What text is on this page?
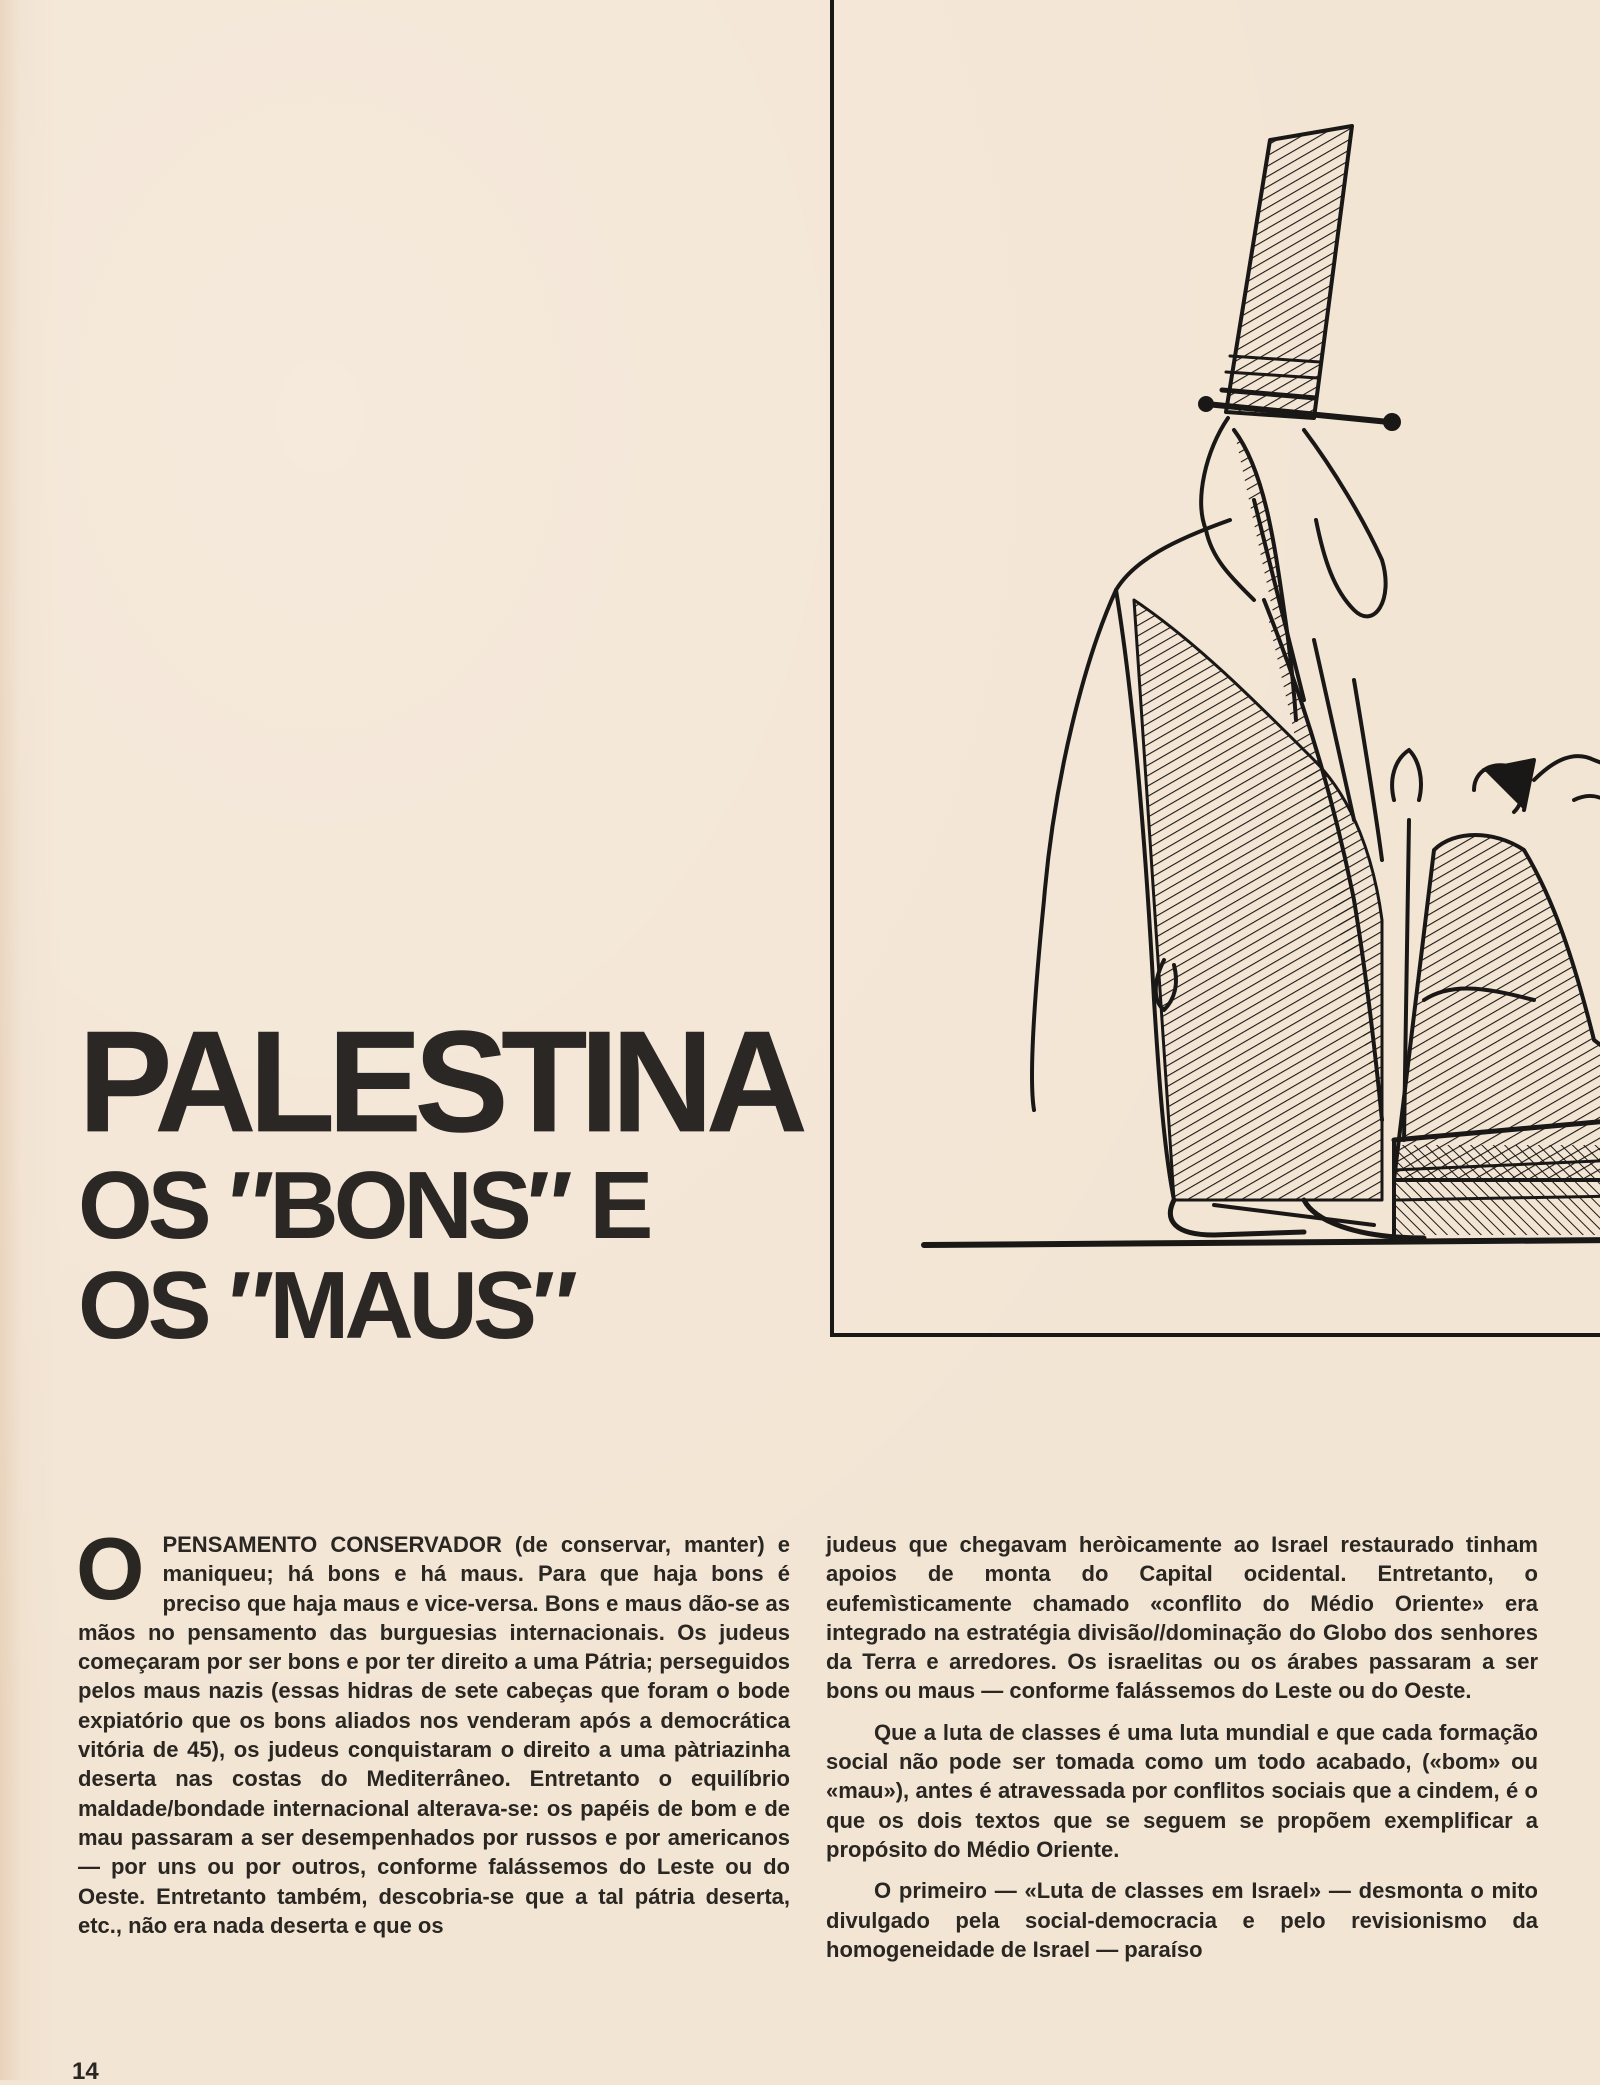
PALESTINA
OS ″BONS″ E
OS ″MAUS″

OPENSAMENTO CONSERVADOR (de conservar, manter) e maniqueu; há bons e há maus. Para que haja bons é preciso que haja maus e vice-versa. Bons e maus dão-se as mãos no pensamento das burguesias internacionais. Os judeus começaram por ser bons e por ter direito a uma Pátria; perseguidos pelos maus nazis (essas hidras de sete cabeças que foram o bode expiatório que os bons aliados nos venderam após a democrática vitória de 45), os judeus conquistaram o direito a uma pàtriazinha deserta nas costas do Mediterrâneo. Entretanto o equilíbrio maldade/bondade internacional alterava-se: os papéis de bom e de mau passaram a ser desempenhados por russos e por americanos — por uns ou por outros, conforme falássemos do Leste ou do Oeste. Entretanto também, descobria-se que a tal pátria deserta, etc., não era nada deserta e que os

judeus que chegavam heròicamente ao Israel restaurado tinham apoios de monta do Capital ocidental. Entretanto, o eufemìsticamente chamado «conflito do Médio Oriente» era integrado na estratégia divisão//dominação do Globo dos senhores da Terra e arredores. Os israelitas ou os árabes passaram a ser bons ou maus — conforme falássemos do Leste ou do Oeste.

Que a luta de classes é uma luta mundial e que cada formação social não pode ser tomada como um todo acabado, («bom» ou «mau»), antes é atravessada por conflitos sociais que a cindem, é o que os dois textos que se seguem se propõem exemplificar a propósito do Médio Oriente.

O primeiro — «Luta de classes em Israel» — desmonta o mito divulgado pela social-democracia e pelo revisionismo da homogeneidade de Israel — paraíso

14
